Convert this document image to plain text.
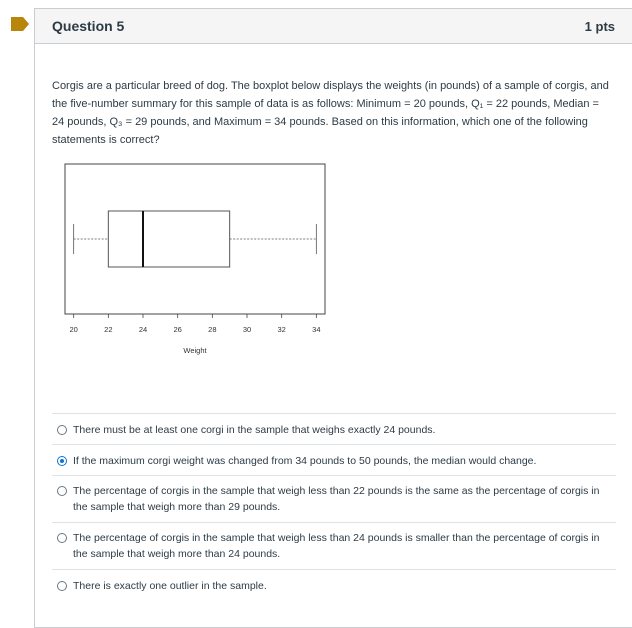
Question 5	1 pts
Corgis are a particular breed of dog. The boxplot below displays the weights (in pounds) of a sample of corgis, and the five-number summary for this sample of data is as follows: Minimum = 20 pounds, Q₁ = 22 pounds, Median = 24 pounds, Q₃ = 29 pounds, and Maximum = 34 pounds. Based on this information, which one of the following statements is correct?
20	22	24	26	28	30	32	34
Weight
There must be at least one corgi in the sample that weighs exactly 24 pounds.
If the maximum corgi weight was changed from 34 pounds to 50 pounds, the median would change.
The percentage of corgis in the sample that weigh less than 22 pounds is the same as the percentage of corgis in the sample that weigh more than 29 pounds.
The percentage of corgis in the sample that weigh less than 24 pounds is smaller than the percentage of corgis in the sample that weigh more than 24 pounds.
There is exactly one outlier in the sample.
